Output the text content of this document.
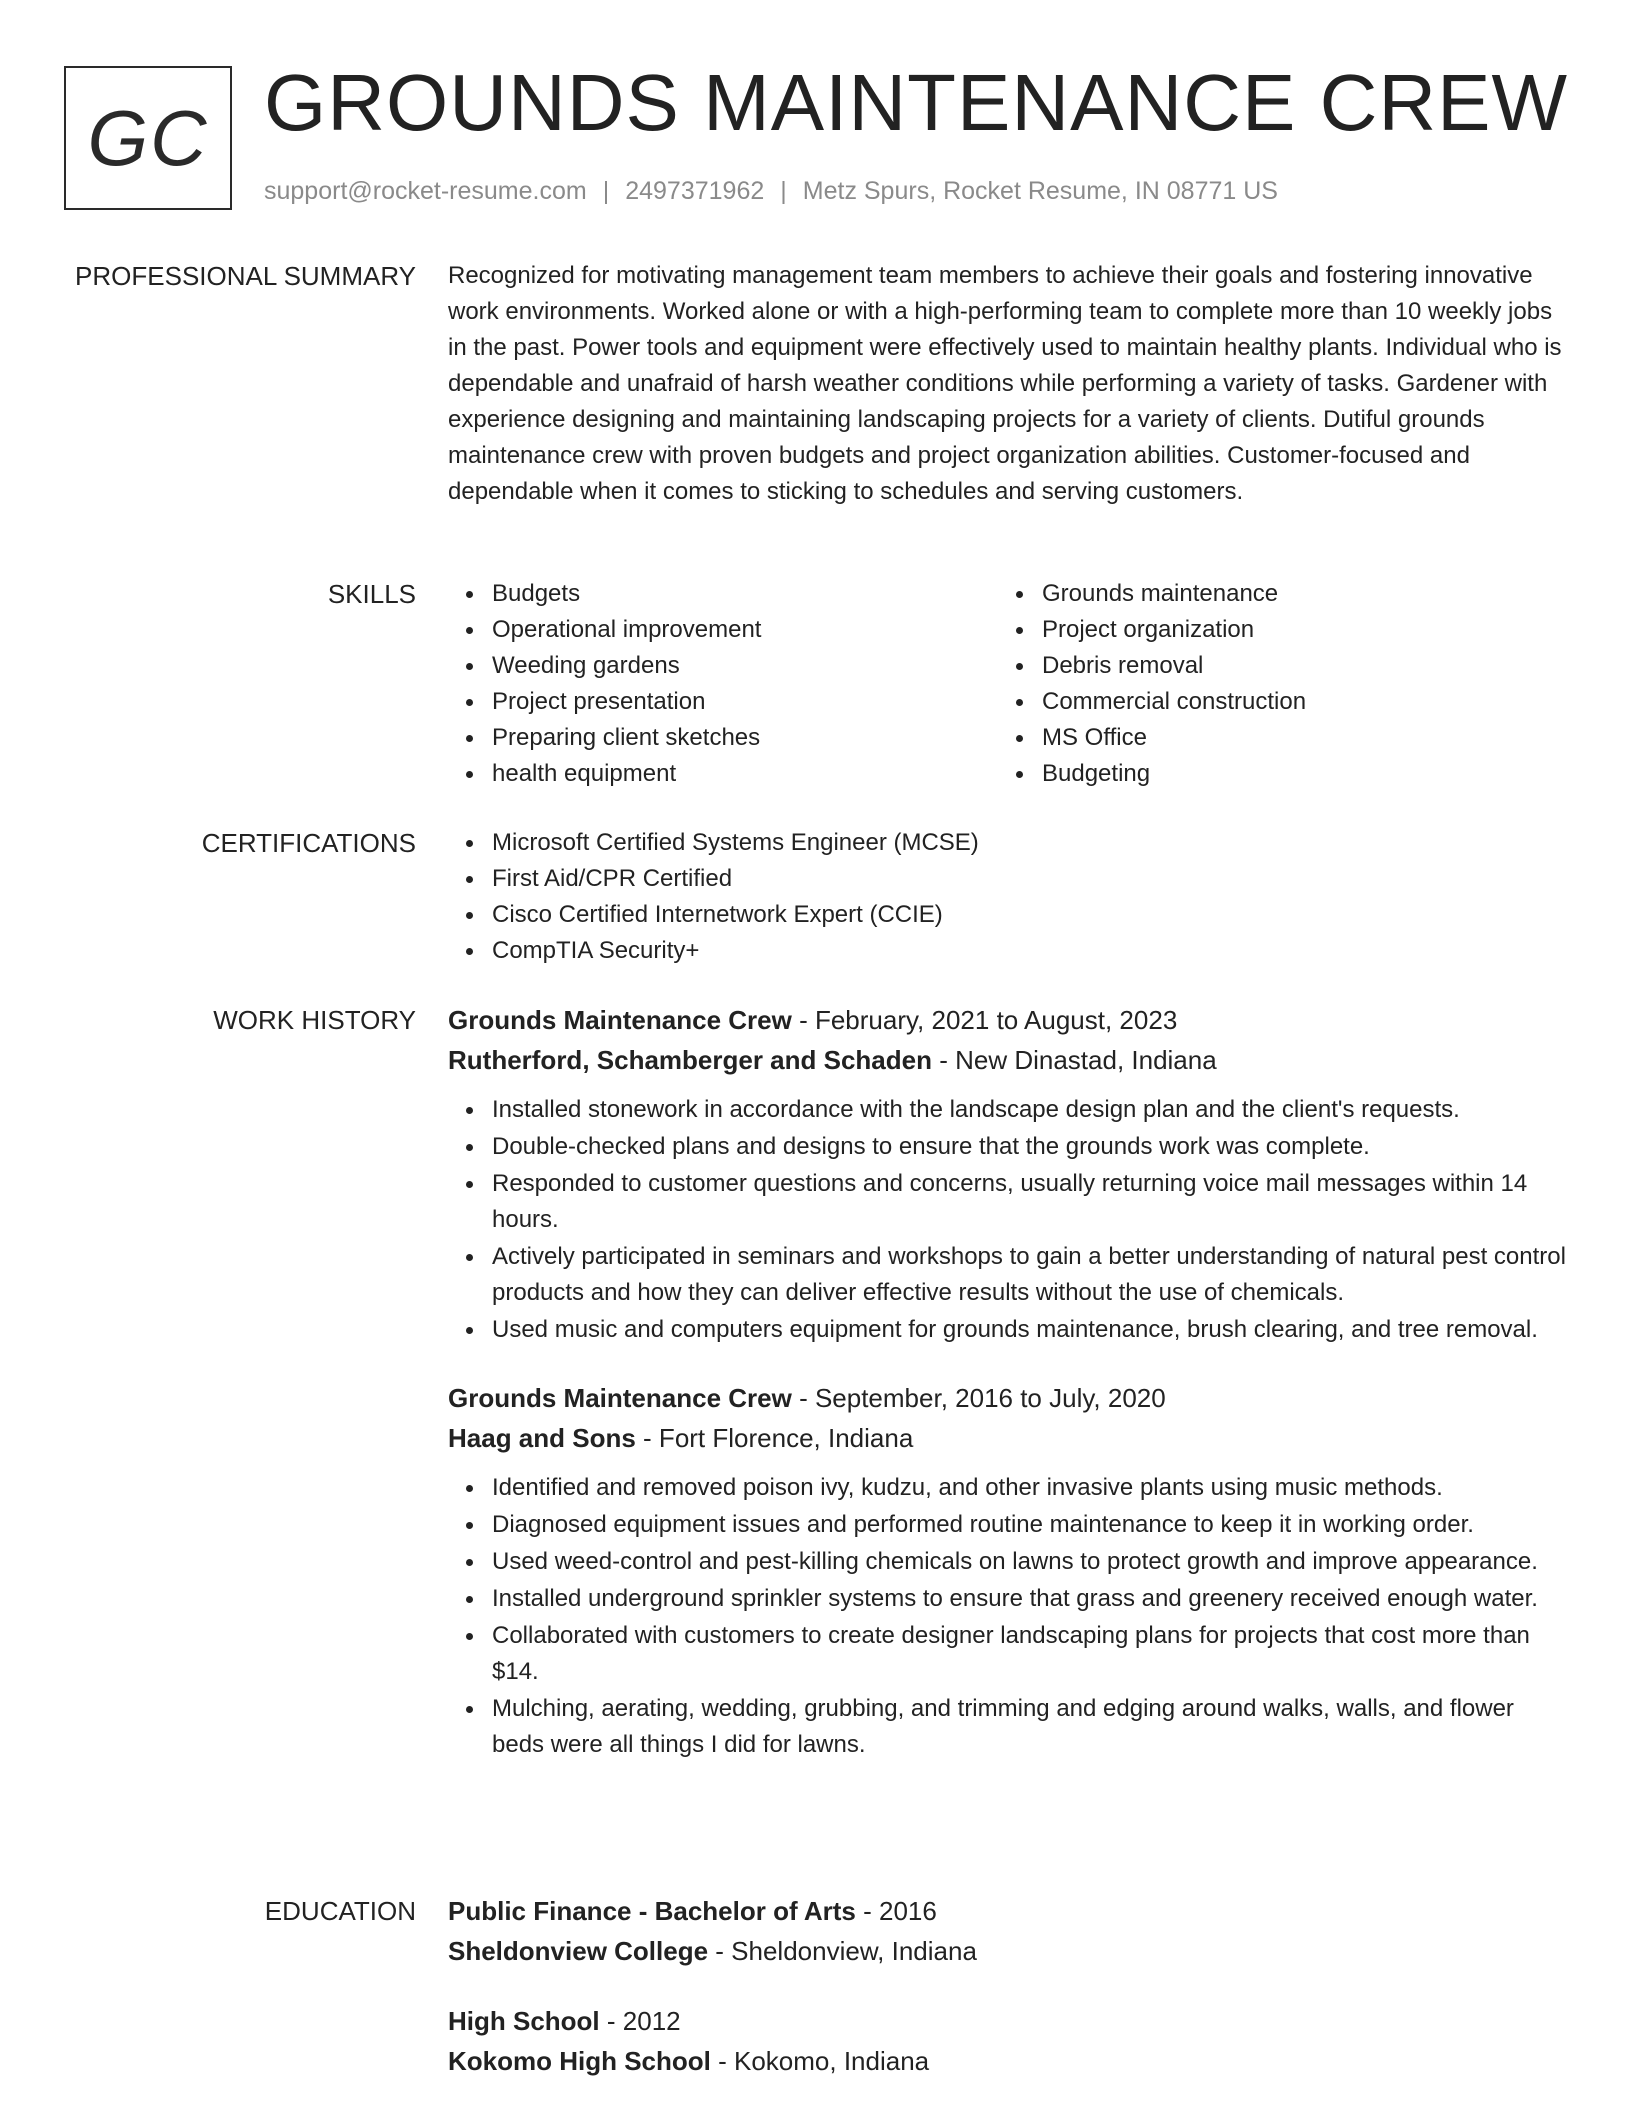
GC GROUNDS MAINTENANCE CREW
support@rocket-resume.com | 2497371962 | Metz Spurs, Rocket Resume, IN 08771 US
PROFESSIONAL SUMMARY Recognized for motivating management team members to achieve their goals and fostering innovative work environments. Worked alone or with a high-performing team to complete more than 10 weekly jobs in the past. Power tools and equipment were effectively used to maintain healthy plants. Individual who is dependable and unafraid of harsh weather conditions while performing a variety of tasks. Gardener with experience designing and maintaining landscaping projects for a variety of clients. Dutiful grounds maintenance crew with proven budgets and project organization abilities. Customer-focused and dependable when it comes to sticking to schedules and serving customers.
SKILLS	Budgets
Operational improvement
Weeding gardens
Project presentation
Preparing client sketches
health equipment
Grounds maintenance
Project organization
Debris removal
Commercial construction
MS Office
Budgeting
CERTIFICATIONS	Microsoft Certified Systems Engineer (MCSE)
First Aid/CPR Certified
Cisco Certified Internetwork Expert (CCIE)
CompTIA Security+
WORK HISTORY Grounds Maintenance Crew - February, 2021 to August, 2023
Rutherford, Schamberger and Schaden - New Dinastad, Indiana
Installed stonework in accordance with the landscape design plan and the client's requests.
Double-checked plans and designs to ensure that the grounds work was complete.
Responded to customer questions and concerns, usually returning voice mail messages within 14 hours.
Actively participated in seminars and workshops to gain a better understanding of natural pest control products and how they can deliver effective results without the use of chemicals.
Used music and computers equipment for grounds maintenance, brush clearing, and tree removal.
Grounds Maintenance Crew - September, 2016 to July, 2020
Haag and Sons - Fort Florence, Indiana
Identified and removed poison ivy, kudzu, and other invasive plants using music methods.
Diagnosed equipment issues and performed routine maintenance to keep it in working order.
Used weed-control and pest-killing chemicals on lawns to protect growth and improve appearance.
Installed underground sprinkler systems to ensure that grass and greenery received enough water.
Collaborated with customers to create designer landscaping plans for projects that cost more than $14.
Mulching, aerating, wedding, grubbing, and trimming and edging around walks, walls, and flower beds were all things I did for lawns.
EDUCATION Public Finance - Bachelor of Arts - 2016
Sheldonview College - Sheldonview, Indiana
High School - 2012
Kokomo High School - Kokomo, Indiana
